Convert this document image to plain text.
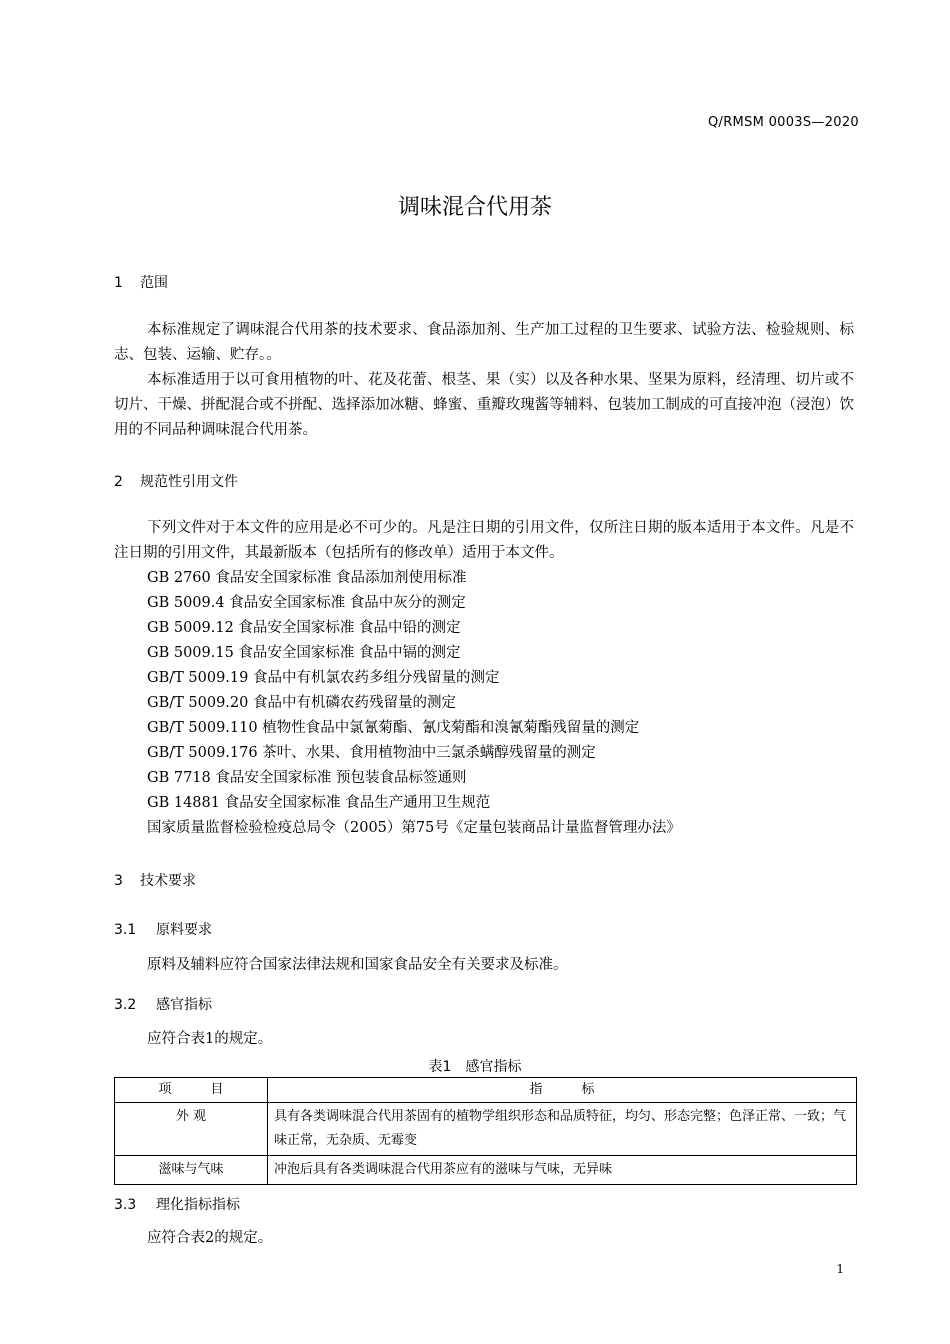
Q/RMSM 0003S—2020
调味混合代用茶
1 范围
本标准规定了调味混合代用茶的技术要求、食品添加剂、生产加工过程的卫生要求、试验方法、检验规则、标志、包装、运输、贮存。。
本标准适用于以可食用植物的叶、花及花蕾、根茎、果（实）以及各种水果、坚果为原料，经清理、切片或不切片、干燥、拼配混合或不拼配、选择添加冰糖、蜂蜜、重瓣玫瑰酱等辅料、包装加工制成的可直接冲泡（浸泡）饮用的不同品种调味混合代用茶。
2 规范性引用文件
下列文件对于本文件的应用是必不可少的。凡是注日期的引用文件，仅所注日期的版本适用于本文件。凡是不注日期的引用文件，其最新版本（包括所有的修改单）适用于本文件。
GB 2760 食品安全国家标准 食品添加剂使用标准
GB 5009.4 食品安全国家标准 食品中灰分的测定
GB 5009.12 食品安全国家标准 食品中铅的测定
GB 5009.15 食品安全国家标准 食品中镉的测定
GB/T 5009.19 食品中有机氯农药多组分残留量的测定
GB/T 5009.20 食品中有机磷农药残留量的测定
GB/T 5009.110 植物性食品中氯氰菊酯、氰戊菊酯和溴氰菊酯残留量的测定
GB/T 5009.176 茶叶、水果、食用植物油中三氯杀螨醇残留量的测定
GB 7718 食品安全国家标准 预包装食品标签通则
GB 14881 食品安全国家标准 食品生产通用卫生规范
国家质量监督检验检疫总局令（2005）第75号《定量包装商品计量监督管理办法》
3 技术要求
3.1 原料要求
原料及辅料应符合国家法律法规和国家食品安全有关要求及标准。
3.2 感官指标
应符合表1的规定。
表1　感官指标
项　　　目	指　　　标
外 观	具有各类调味混合代用茶固有的植物学组织形态和品质特征，均匀、形态完整；色泽正常、一致；气味正常，无杂质、无霉变
滋味与气味	冲泡后具有各类调味混合代用茶应有的滋味与气味，无异味
3.3 理化指标指标
应符合表2的规定。
1
